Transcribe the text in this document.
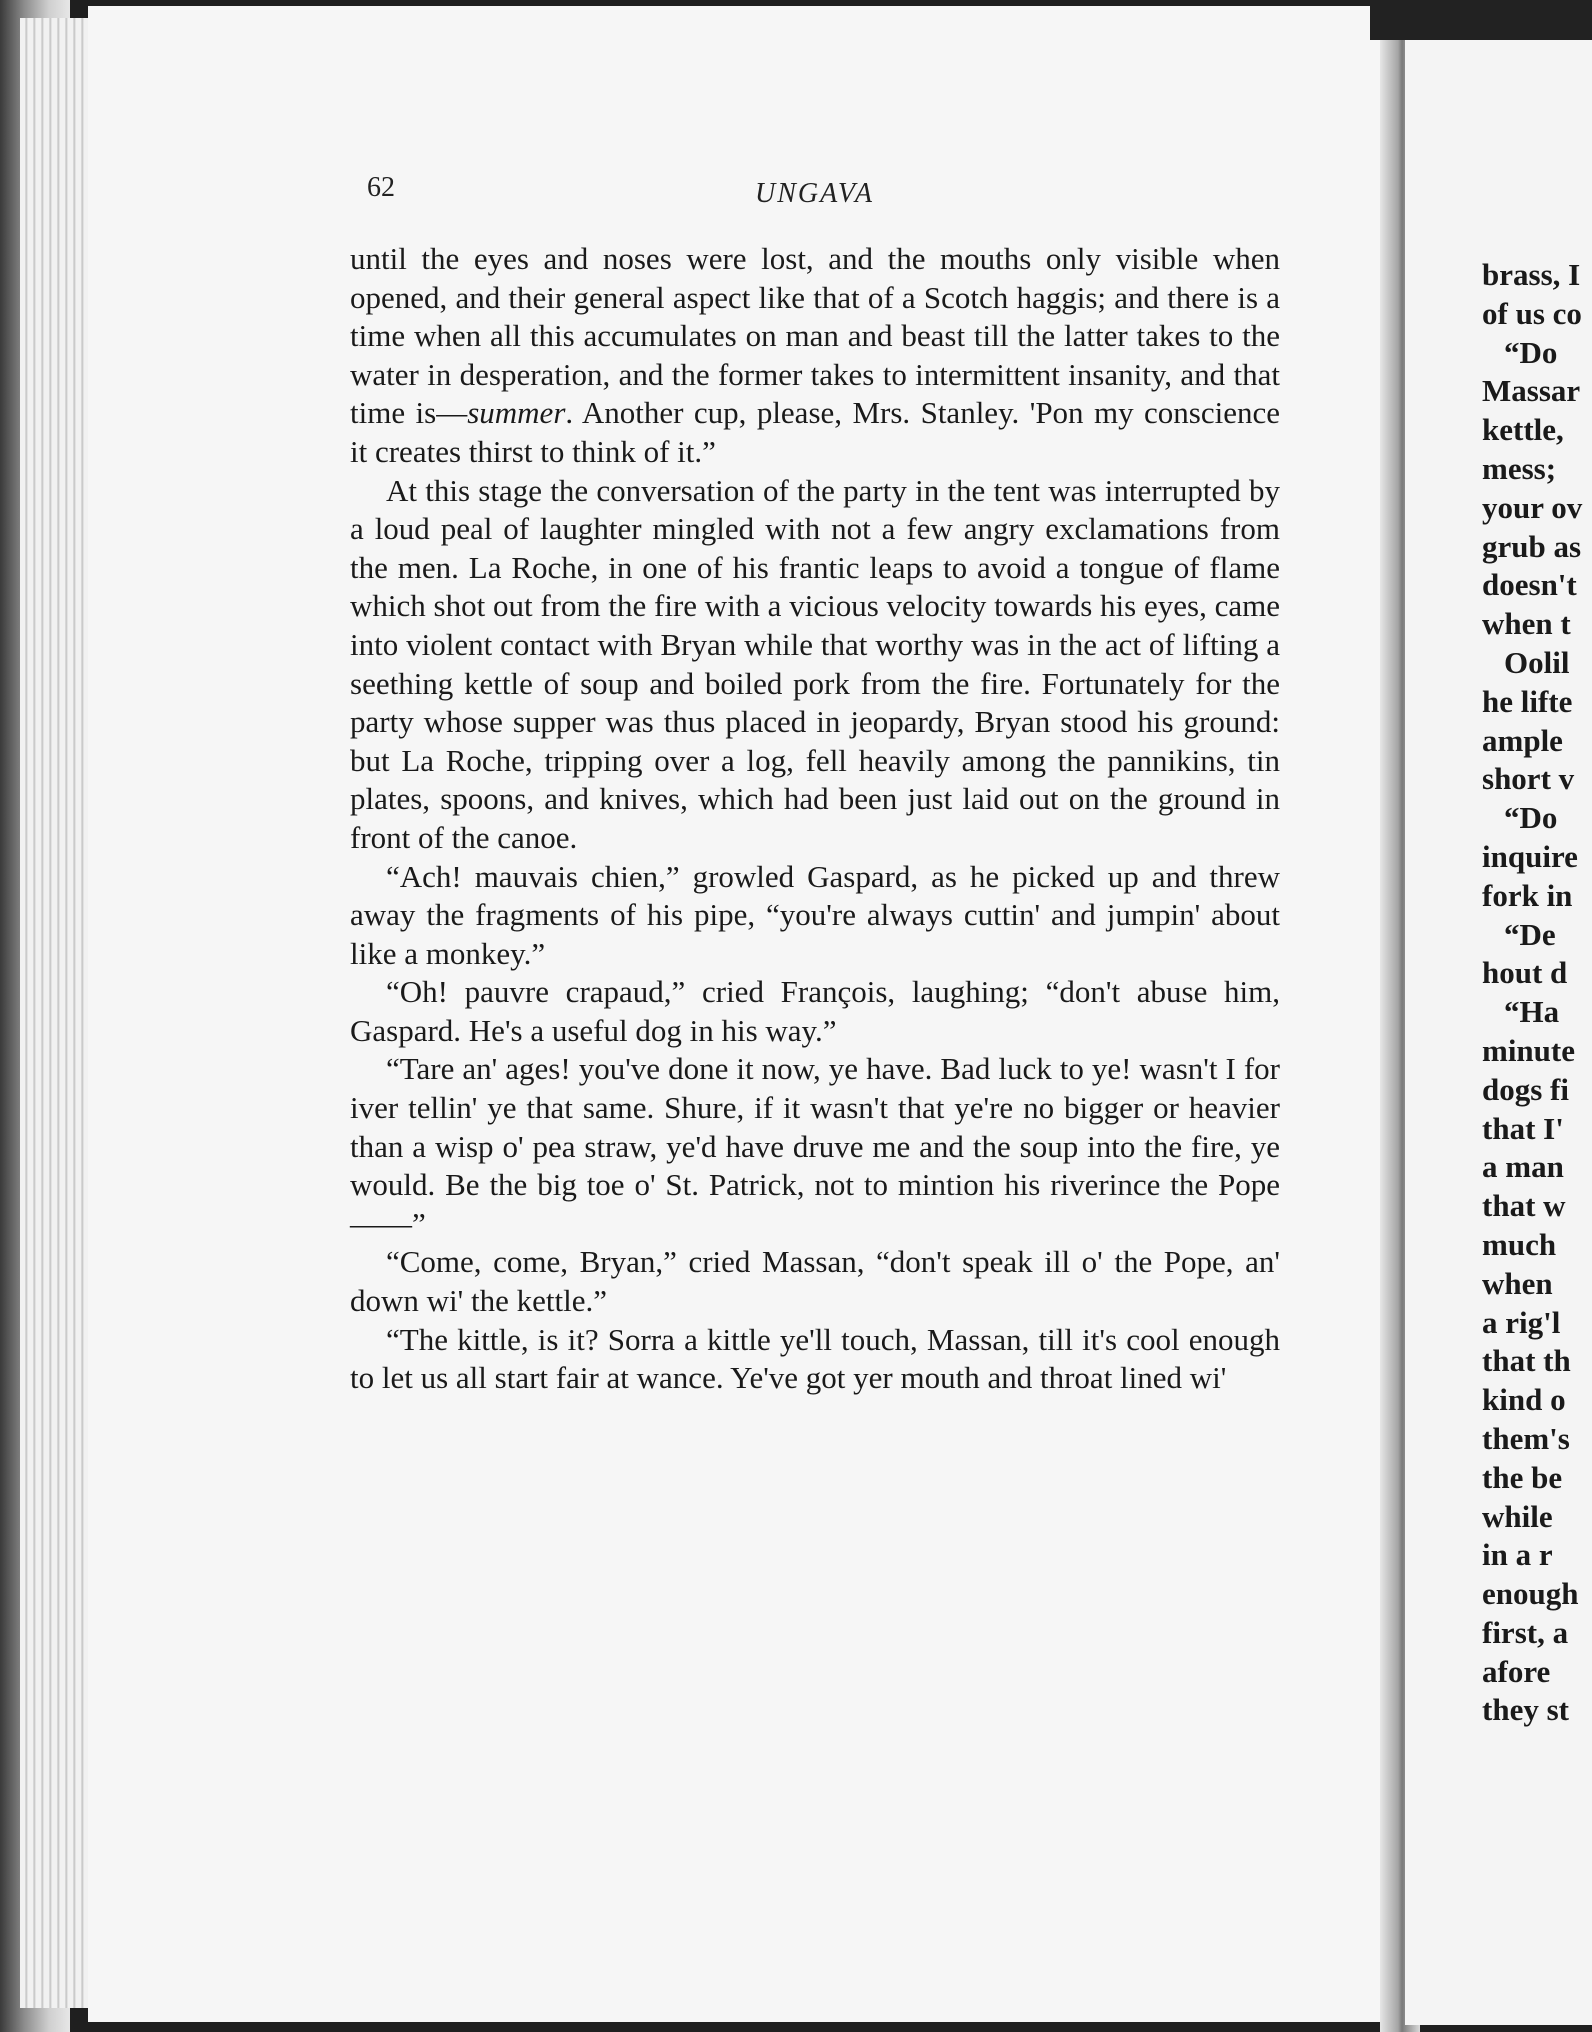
62	UNGAVA

until the eyes and noses were lost, and the mouths only visible when opened, and their general aspect like that of a Scotch haggis; and there is a time when all this accumulates on man and beast till the latter takes to the water in desperation, and the former takes to intermittent insanity, and that time is—summer. Another cup, please, Mrs. Stanley. 'Pon my conscience it creates thirst to think of it.”

At this stage the conversation of the party in the tent was interrupted by a loud peal of laughter mingled with not a few angry exclamations from the men. La Roche, in one of his frantic leaps to avoid a tongue of flame which shot out from the fire with a vicious velocity towards his eyes, came into violent contact with Bryan while that worthy was in the act of lifting a seething kettle of soup and boiled pork from the fire. Fortunately for the party whose supper was thus placed in jeopardy, Bryan stood his ground: but La Roche, tripping over a log, fell heavily among the pannikins, tin plates, spoons, and knives, which had been just laid out on the ground in front of the canoe.

“Ach! mauvais chien,” growled Gaspard, as he picked up and threw away the fragments of his pipe, “you're always cuttin' and jumpin' about like a monkey.”

“Oh! pauvre crapaud,” cried François, laughing; “don't abuse him, Gaspard. He's a useful dog in his way.”

“Tare an' ages! you've done it now, ye have. Bad luck to ye! wasn't I for iver tellin' ye that same. Shure, if it wasn't that ye're no bigger or heavier than a wisp o' pea straw, ye'd have druve me and the soup into the fire, ye would. Be the big toe o' St. Patrick, not to mintion his riverince the Pope——”

“Come, come, Bryan,” cried Massan, “don't speak ill o' the Pope, an' down wi' the kettle.”

“The kittle, is it? Sorra a kittle ye'll touch, Massan, till it's cool enough to let us all start fair at wance. Ye've got yer mouth and throat lined wi'

brass, I
of us co
“Do
Massar
kettle,
mess;
your ov
grub as
doesn't
when t
Oolil
he lifte
ample
short v
“Do
inquire
fork in
“De
hout d
“Ha
minute
dogs fi
that I'
a man
that w
much
when
a rig'l
that th
kind o
them's
the be
while
in a r
enough
first, a
afore
they st
